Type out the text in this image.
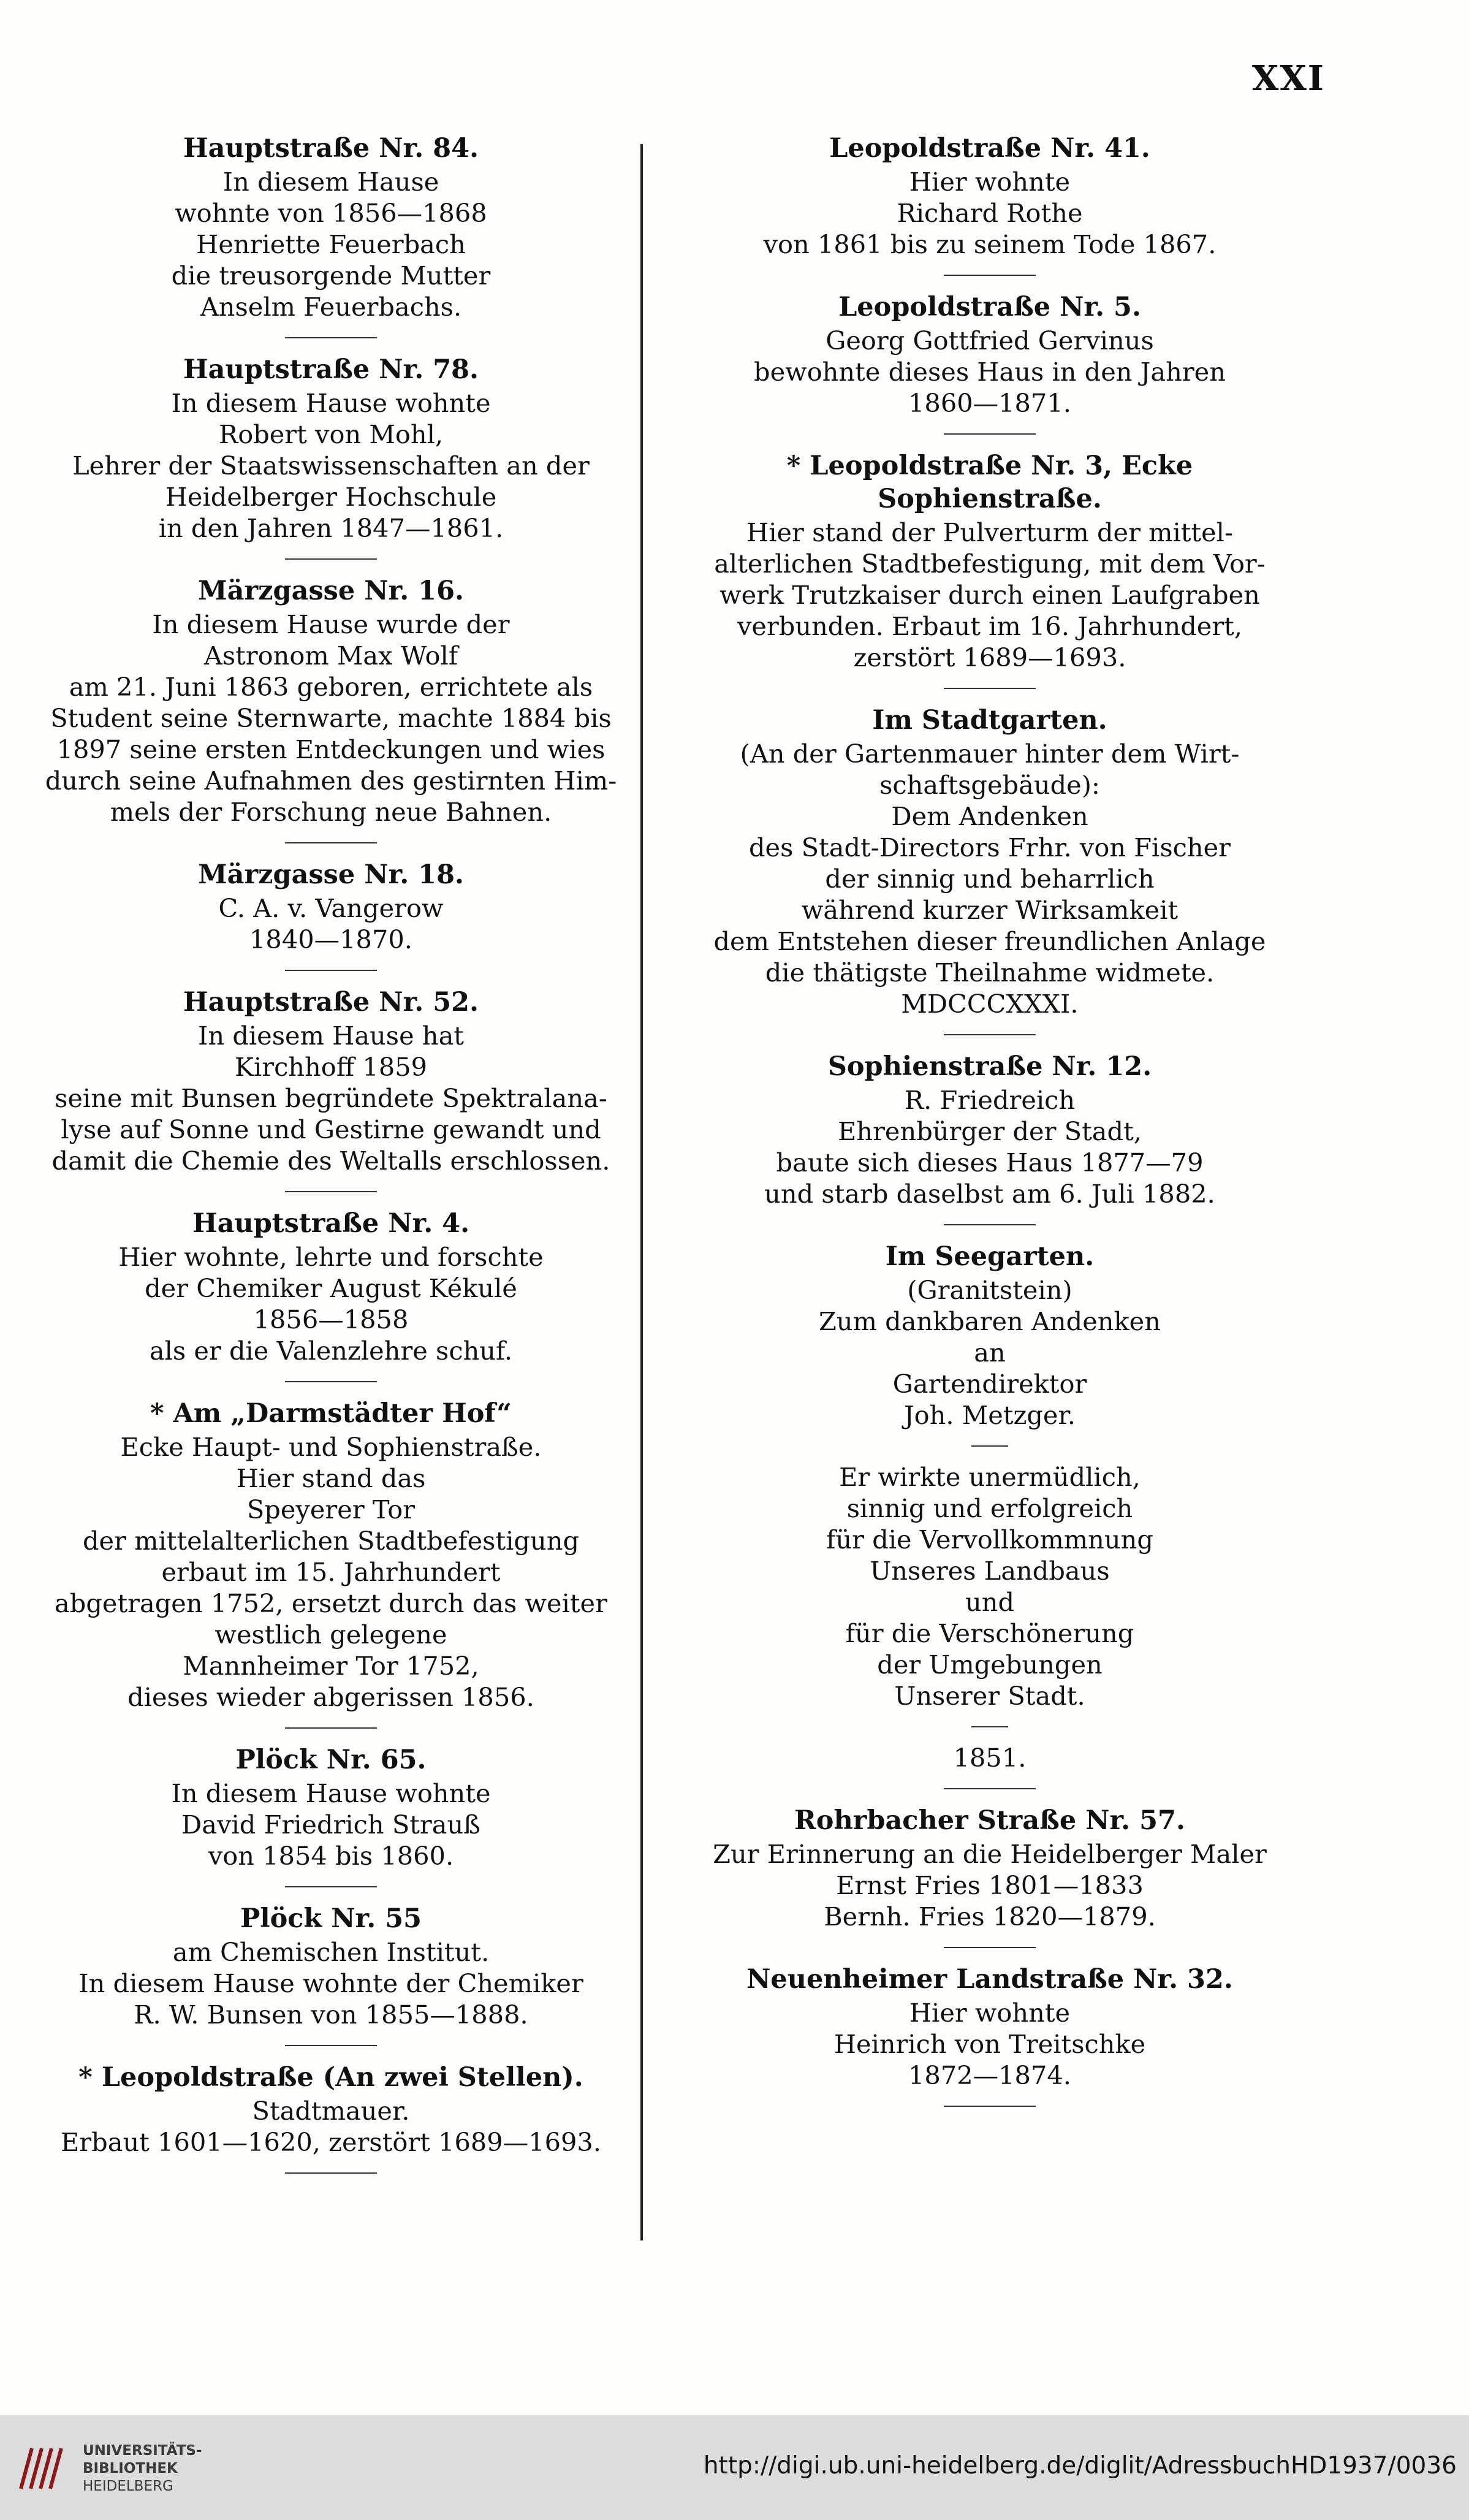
XXI
Hauptstraße Nr. 84.
In diesem Hause
wohnte von 1856—1868
Henriette Feuerbach
die treusorgende Mutter
Anselm Feuerbachs.
Hauptstraße Nr. 78.
In diesem Hause wohnte
Robert von Mohl,
Lehrer der Staatswissenschaften an der
Heidelberger Hochschule
in den Jahren 1847—1861.
Märzgasse Nr. 16.
In diesem Hause wurde der
Astronom Max Wolf
am 21. Juni 1863 geboren, errichtete als
Student seine Sternwarte, machte 1884 bis
1897 seine ersten Entdeckungen und wies
durch seine Aufnahmen des gestirnten Him-
mels der Forschung neue Bahnen.
Märzgasse Nr. 18.
C. A. v. Vangerow
1840—1870.
Hauptstraße Nr. 52.
In diesem Hause hat
Kirchhoff 1859
seine mit Bunsen begründete Spektralana-
lyse auf Sonne und Gestirne gewandt und
damit die Chemie des Weltalls erschlossen.
Hauptstraße Nr. 4.
Hier wohnte, lehrte und forschte
der Chemiker August Kékulé
1856—1858
als er die Valenzlehre schuf.
* Am „Darmstädter Hof“
Ecke Haupt- und Sophienstraße.
Hier stand das
Speyerer Tor
der mittelalterlichen Stadtbefestigung
erbaut im 15. Jahrhundert
abgetragen 1752, ersetzt durch das weiter
westlich gelegene
Mannheimer Tor 1752,
dieses wieder abgerissen 1856.
Plöck Nr. 65.
In diesem Hause wohnte
David Friedrich Strauß
von 1854 bis 1860.
Plöck Nr. 55
am Chemischen Institut.
In diesem Hause wohnte der Chemiker
R. W. Bunsen von 1855—1888.
* Leopoldstraße (An zwei Stellen).
Stadtmauer.
Erbaut 1601—1620, zerstört 1689—1693.
Leopoldstraße Nr. 41.
Hier wohnte
Richard Rothe
von 1861 bis zu seinem Tode 1867.
Leopoldstraße Nr. 5.
Georg Gottfried Gervinus
bewohnte dieses Haus in den Jahren
1860—1871.
* Leopoldstraße Nr. 3, Ecke Sophienstraße.
Hier stand der Pulverturm der mittel-
alterlichen Stadtbefestigung, mit dem Vor-
werk Trutzkaiser durch einen Laufgraben
verbunden. Erbaut im 16. Jahrhundert,
zerstört 1689—1693.
Im Stadtgarten.
(An der Gartenmauer hinter dem Wirt-
schaftsgebäude):
Dem Andenken
des Stadt-Directors Frhr. von Fischer
der sinnig und beharrlich
während kurzer Wirksamkeit
dem Entstehen dieser freundlichen Anlage
die thätigste Theilnahme widmete.
MDCCCXXXI.
Sophienstraße Nr. 12.
R. Friedreich
Ehrenbürger der Stadt,
baute sich dieses Haus 1877—79
und starb daselbst am 6. Juli 1882.
Im Seegarten.
(Granitstein)
Zum dankbaren Andenken
an
Gartendirektor
Joh. Metzger.
Er wirkte unermüdlich,
sinnig und erfolgreich
für die Vervollkommnung
Unseres Landbaus
und
für die Verschönerung
der Umgebungen
Unserer Stadt.
1851.
Rohrbacher Straße Nr. 57.
Zur Erinnerung an die Heidelberger Maler
Ernst Fries 1801—1833
Bernh. Fries 1820—1879.
Neuenheimer Landstraße Nr. 32.
Hier wohnte
Heinrich von Treitschke
1872—1874.
UNIVERSITÄTS-
BIBLIOTHEK
HEIDELBERG
http://digi.ub.uni-heidelberg.de/diglit/AdressbuchHD1937/0036
